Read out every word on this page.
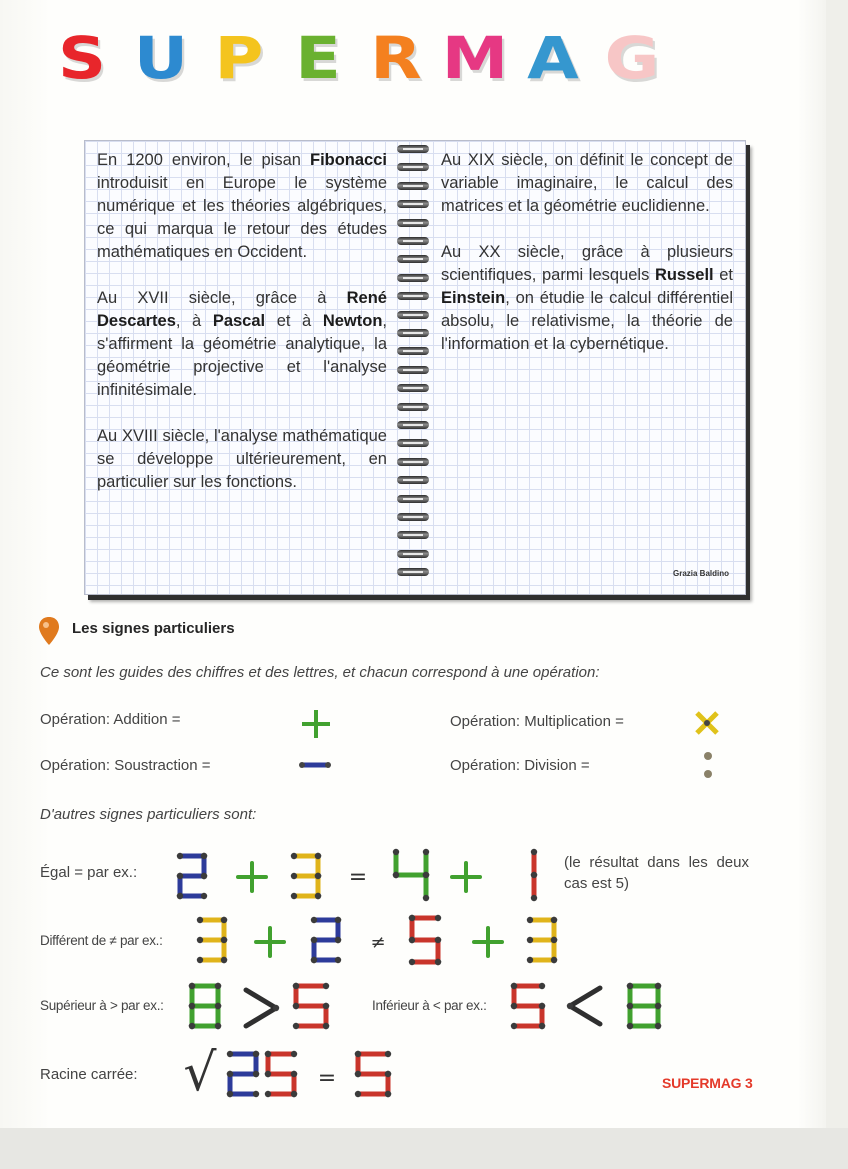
S U P E R M A G

En 1200 environ, le pisan Fibonacci introduisit en Europe le système numérique et les théories algébriques, ce qui marqua le retour des études mathématiques en Occident.

Au XVII siècle, grâce à René Descartes, à Pascal et à Newton, s'affirment la géométrie analytique, la géométrie projective et l'analyse infinitésimale.

Au XVIII siècle, l'analyse mathématique se développe ultérieurement, en particulier sur les fonctions.

Au XIX siècle, on définit le concept de variable imaginaire, le calcul des matrices et la géométrie euclidienne.

Au XX siècle, grâce à plusieurs scientifiques, parmi lesquels Russell et Einstein, on étudie le calcul différentiel absolu, le relativisme, la théorie de l'information et la cybernétique.

Grazia Baldino
Les signes particuliers
Ce sont les guides des chiffres et des lettres, et chacun correspond à une opération:
Opération: Addition =	Opération: Multiplication =
Opération: Soustraction =	Opération: Division =
D'autres signes particuliers sont:
Égal = par ex.:
(le résultat dans les deux cas est 5)
Différent de ≠ par ex.:
Supérieur à > par ex.:	Inférieur à < par ex.:
Racine carrée:
=
≠
√	=	SUPERMAG 3
